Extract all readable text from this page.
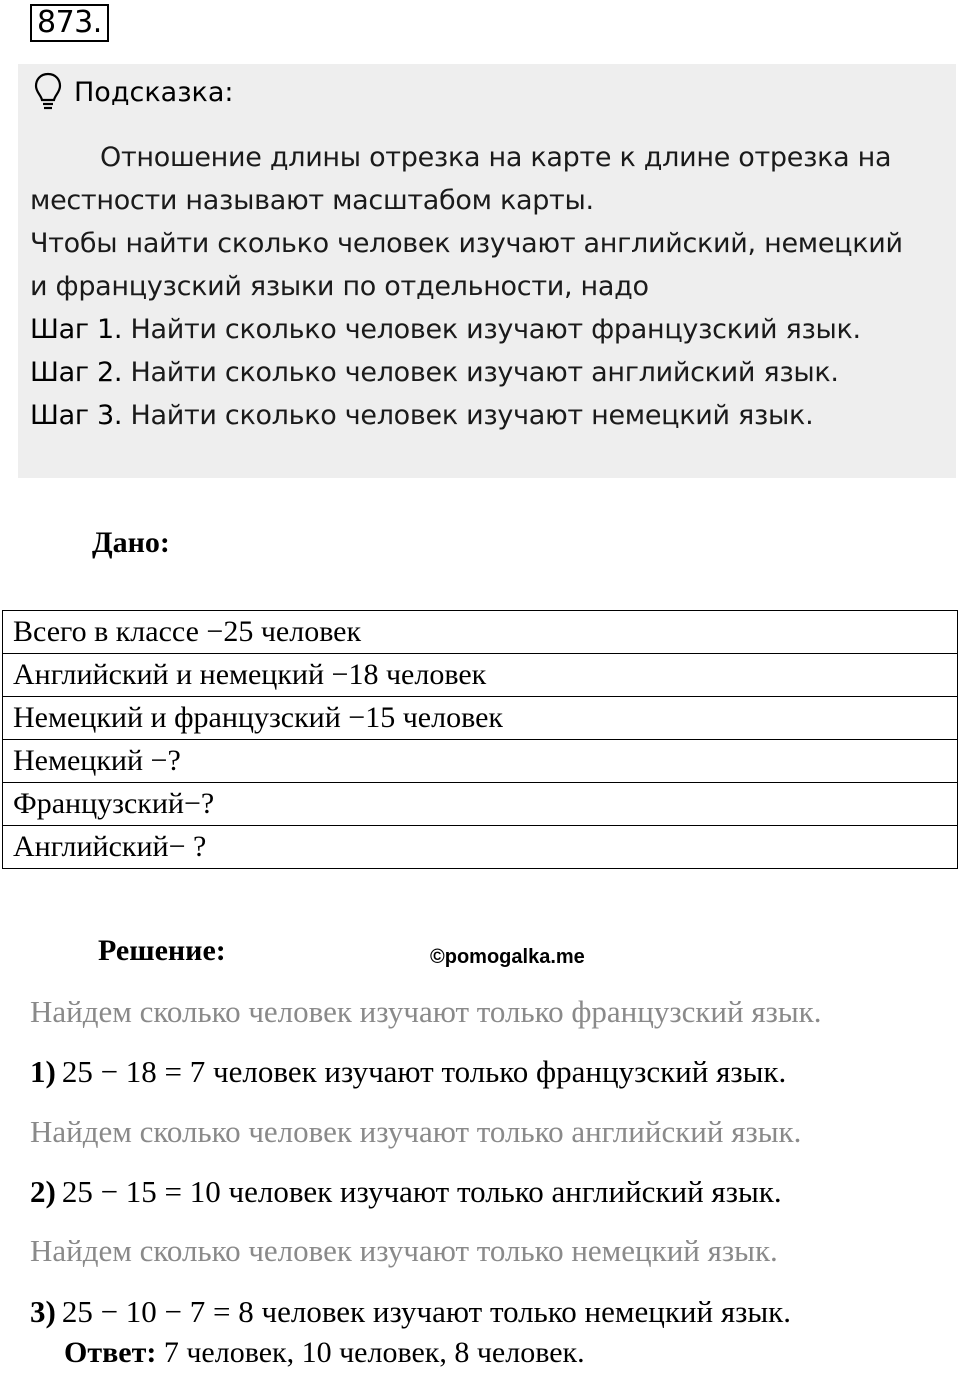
873.
Подсказка:

Отношение длины отрезка на карте к длине отрезка на

местности называют масштабом карты.

Чтобы найти сколько человек изучают английский, немецкий

и французский языки по отдельности, надо

Шаг 1. Найти сколько человек изучают французский язык.

Шаг 2. Найти сколько человек изучают английский язык.

Шаг 3. Найти сколько человек изучают немецкий язык.

Дано:
Всего в классе −25 человек
Английский и немецкий −18 человек
Немецкий и французский −15 человек
Немецкий −?
Французский−?
Английский− ?
Решение:	©pomogalka.me
Найдем сколько человек изучают только французский язык.
1) 25 − 18 = 7 человек изучают только французский язык.
Найдем сколько человек изучают только английский язык.
2) 25 − 15 = 10 человек изучают только английский язык.
Найдем сколько человек изучают только немецкий язык.
3) 25 − 10 − 7 = 8 человек изучают только немецкий язык.
Ответ: 7 человек, 10 человек, 8 человек.
